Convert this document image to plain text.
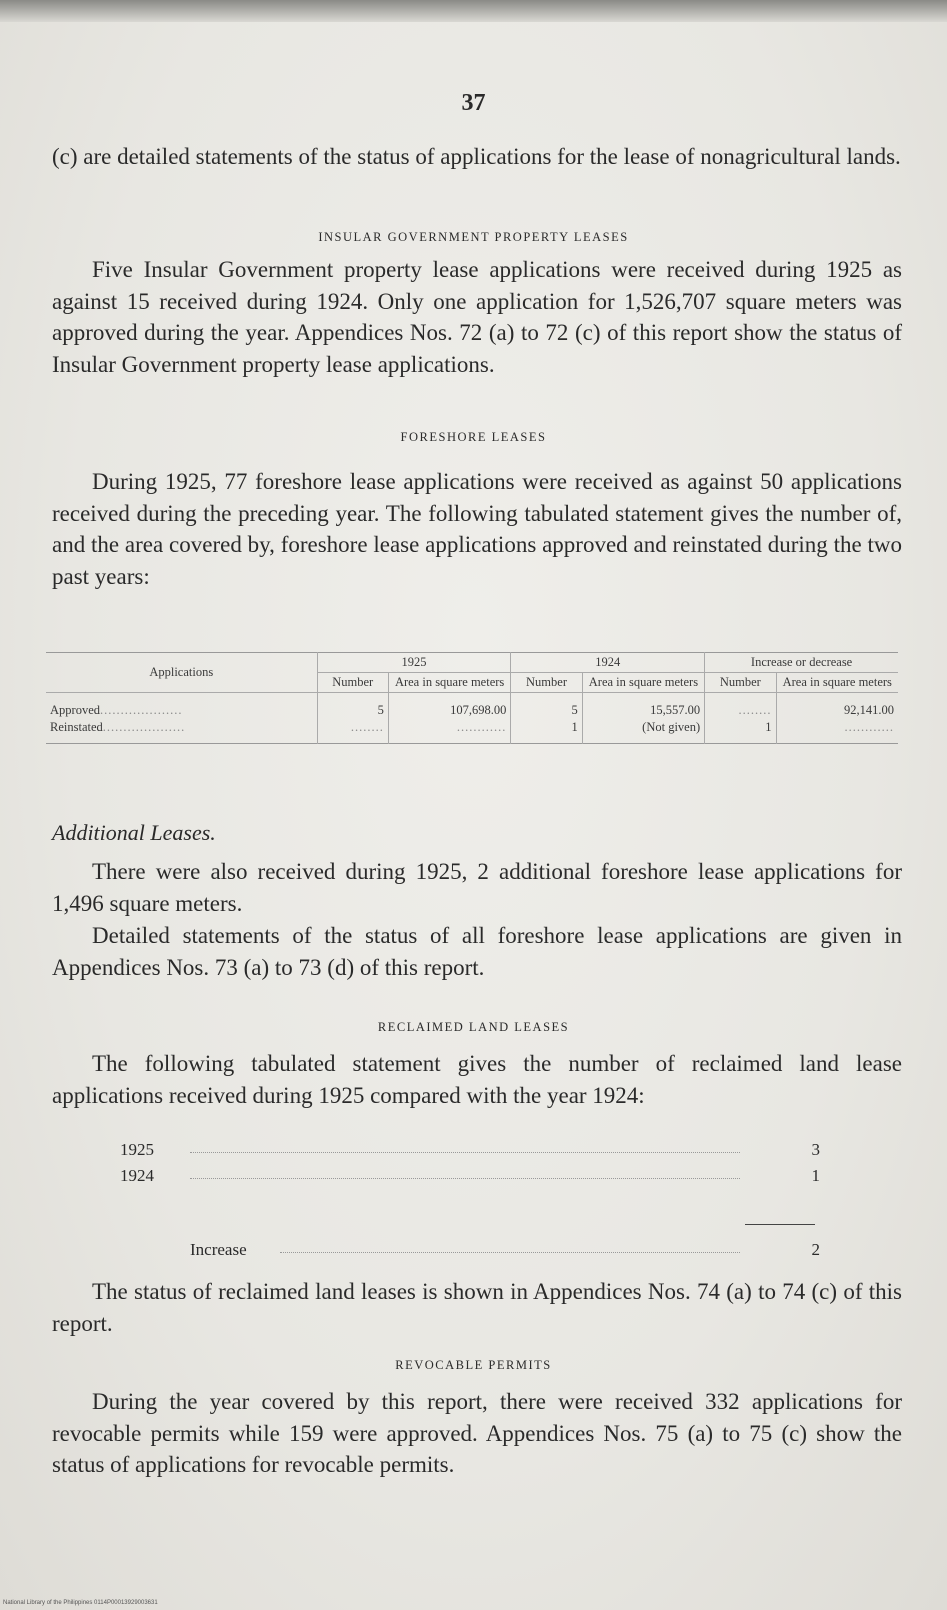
37

(c) are detailed statements of the status of applications for the lease of nonagricultural lands.

INSULAR GOVERNMENT PROPERTY LEASES

Five Insular Government property lease applications were received during 1925 as against 15 received during 1924. Only one application for 1,526,707 square meters was approved during the year. Appendices Nos. 72 (a) to 72 (c) of this report show the status of Insular Government property lease applications.

FORESHORE LEASES

During 1925, 77 foreshore lease applications were received as against 50 applications received during the preceding year. The following tabulated statement gives the number of, and the area covered by, foreshore lease applications approved and reinstated during the two past years:

Applications	1925		1924		Increase or decrease	
	Number	Area in square meters	Number	Area in square meters	Number	Area in square meters
Approved....................	5	107,698.00	5	15,557.00	........	92,141.00
Reinstated....................	........	............	1	(Not given)	1	............
Additional Leases.

There were also received during 1925, 2 additional foreshore lease applications for 1,496 square meters.

Detailed statements of the status of all foreshore lease applications are given in Appendices Nos. 73 (a) to 73 (d) of this report.

RECLAIMED LAND LEASES

The following tabulated statement gives the number of reclaimed land lease applications received during 1925 compared with the year 1924:

1925	3
1924	1
Increase	2

The status of reclaimed land leases is shown in Appendices Nos. 74 (a) to 74 (c) of this report.

REVOCABLE PERMITS

During the year covered by this report, there were received 332 applications for revocable permits while 159 were approved. Appendices Nos. 75 (a) to 75 (c) show the status of applications for revocable permits.

National Library of the Philippines 0114P00013929003631
